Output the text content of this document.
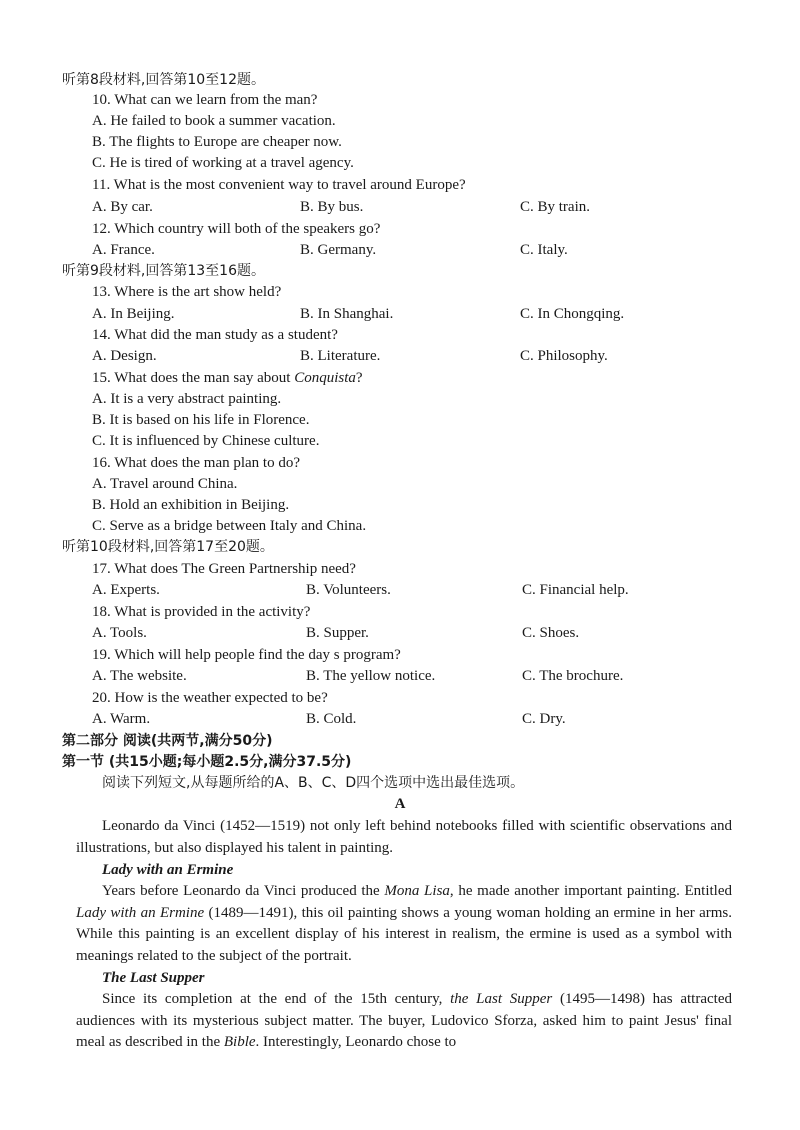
听第8段材料,回答第10至12题。
10. What can we learn from the man?
A. He failed to book a summer vacation.
B. The flights to Europe are cheaper now.
C. He is tired of working at a travel agency.
11. What is the most convenient way to travel around Europe?
A. By car.	B. By bus.	C. By train.
12. Which country will both of the speakers go?
A. France.	B. Germany.	C. Italy.
听第9段材料,回答第13至16题。
13. Where is the art show held?
A. In Beijing.	B. In Shanghai.	C. In Chongqing.
14. What did the man study as a student?
A. Design.	B. Literature.	C. Philosophy.
15. What does the man say about Conquista?
A. It is a very abstract painting.
B. It is based on his life in Florence.
C. It is influenced by Chinese culture.
16. What does the man plan to do?
A. Travel around China.
B. Hold an exhibition in Beijing.
C. Serve as a bridge between Italy and China.
听第10段材料,回答第17至20题。
17. What does The Green Partnership need?
A. Experts.	B. Volunteers.	C. Financial help.
18. What is provided in the activity?
A. Tools.	B. Supper.	C. Shoes.
19. Which will help people find the day s program?
A. The website.	B. The yellow notice.	C. The brochure.
20. How is the weather expected to be?
A. Warm.	B. Cold.	C. Dry.
第二部分 阅读(共两节,满分50分)
第一节 (共15小题;每小题2.5分,满分37.5分)
阅读下列短文,从每题所给的A、B、C、D四个选项中选出最佳选项。
A

Leonardo da Vinci (1452—1519) not only left behind notebooks filled with scientific observations and illustrations, but also displayed his talent in painting.

Lady with an Ermine

Years before Leonardo da Vinci produced the Mona Lisa, he made another important painting. Entitled Lady with an Ermine (1489—1491), this oil painting shows a young woman holding an ermine in her arms. While this painting is an excellent display of his interest in realism, the ermine is used as a symbol with meanings related to the subject of the portrait.

The Last Supper

Since its completion at the end of the 15th century, the Last Supper (1495—1498) has attracted audiences with its mysterious subject matter. The buyer, Ludovico Sforza, asked him to paint Jesus' final meal as described in the Bible. Interestingly, Leonardo chose to
